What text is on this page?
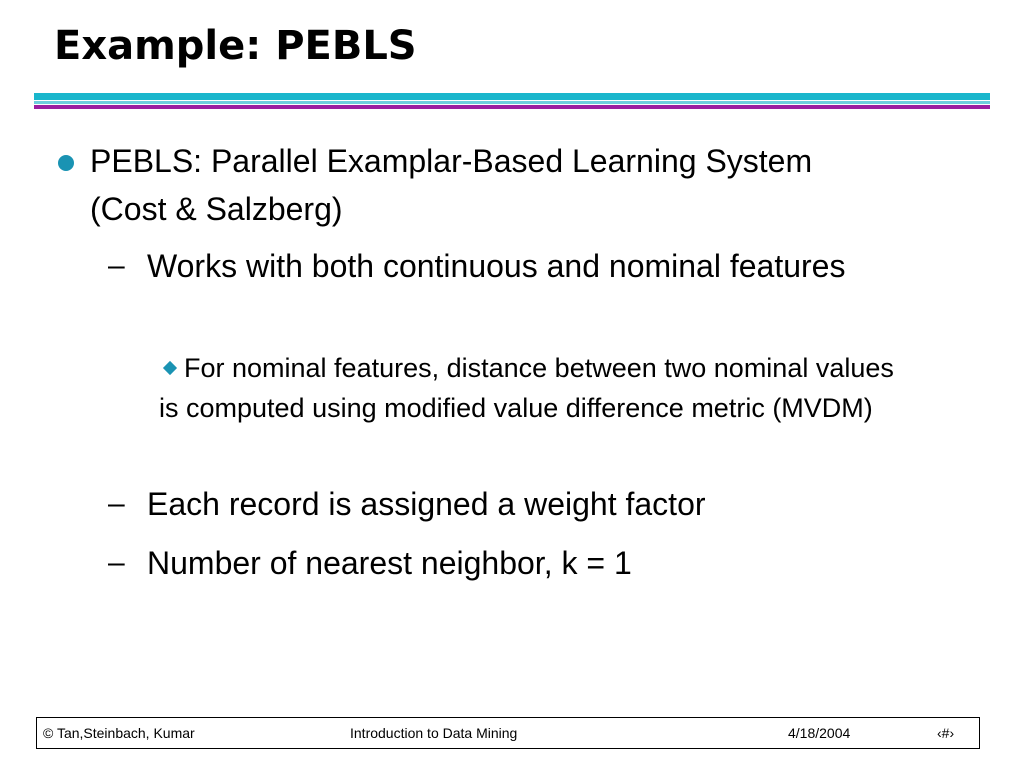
Example: PEBLS

PEBLS: Parallel Examplar-Based Learning System (Cost & Salzberg)

– Works with both continuous and nominal features

For nominal features, distance between two nominal values is computed using modified value difference metric (MVDM)

– Each record is assigned a weight factor

– Number of nearest neighbor, k = 1

© Tan,Steinbach, Kumar	Introduction to Data Mining	4/18/2004	‹#›
